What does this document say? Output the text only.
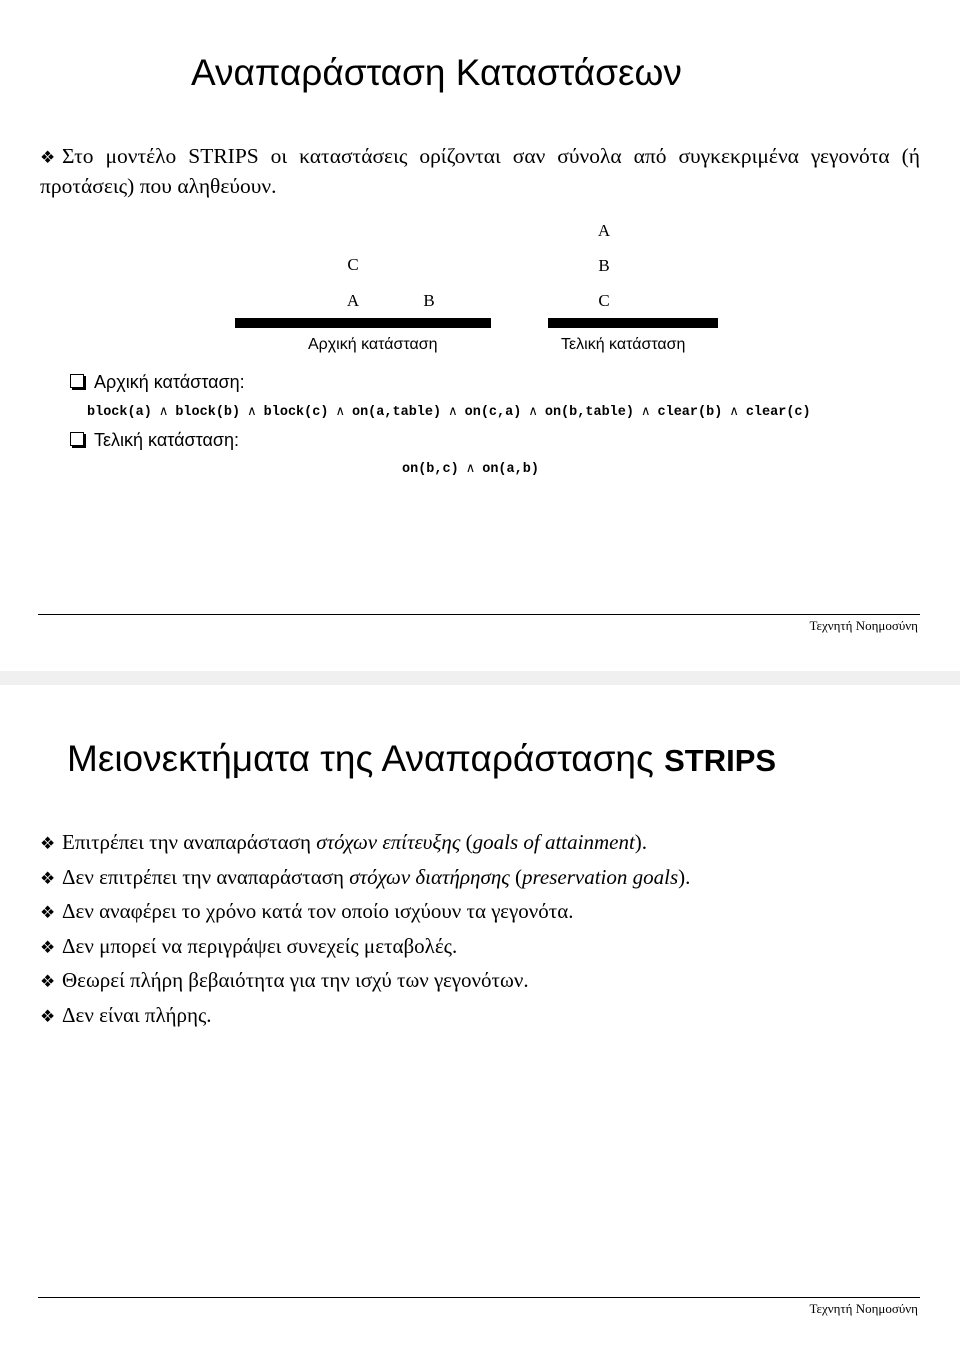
Αναπαράσταση Καταστάσεων
❖ Στο μοντέλο STRIPS οι καταστάσεις ορίζονται σαν σύνολα από συγκεκριμένα γεγονότα (ή προτάσεις) που αληθεύουν.
C
A	B
Αρχική κατάσταση
A
B
C
Τελική κατάσταση
Αρχική κατάσταση:
block(a) ∧ block(b) ∧ block(c) ∧ on(a,table) ∧ on(c,a) ∧ on(b,table) ∧ clear(b) ∧ clear(c)
Τελική κατάσταση:
on(b,c) ∧ on(a,b)
Τεχνητή Νοημοσύνη
Μειονεκτήματα της Αναπαράστασης STRIPS
❖ Επιτρέπει την αναπαράσταση στόχων επίτευξης (goals of attainment).
❖ Δεν επιτρέπει την αναπαράσταση στόχων διατήρησης (preservation goals).
❖ Δεν αναφέρει το χρόνο κατά τον οποίο ισχύουν τα γεγονότα.
❖ Δεν μπορεί να περιγράψει συνεχείς μεταβολές.
❖ Θεωρεί πλήρη βεβαιότητα για την ισχύ των γεγονότων.
❖ Δεν είναι πλήρης.
Τεχνητή Νοημοσύνη
